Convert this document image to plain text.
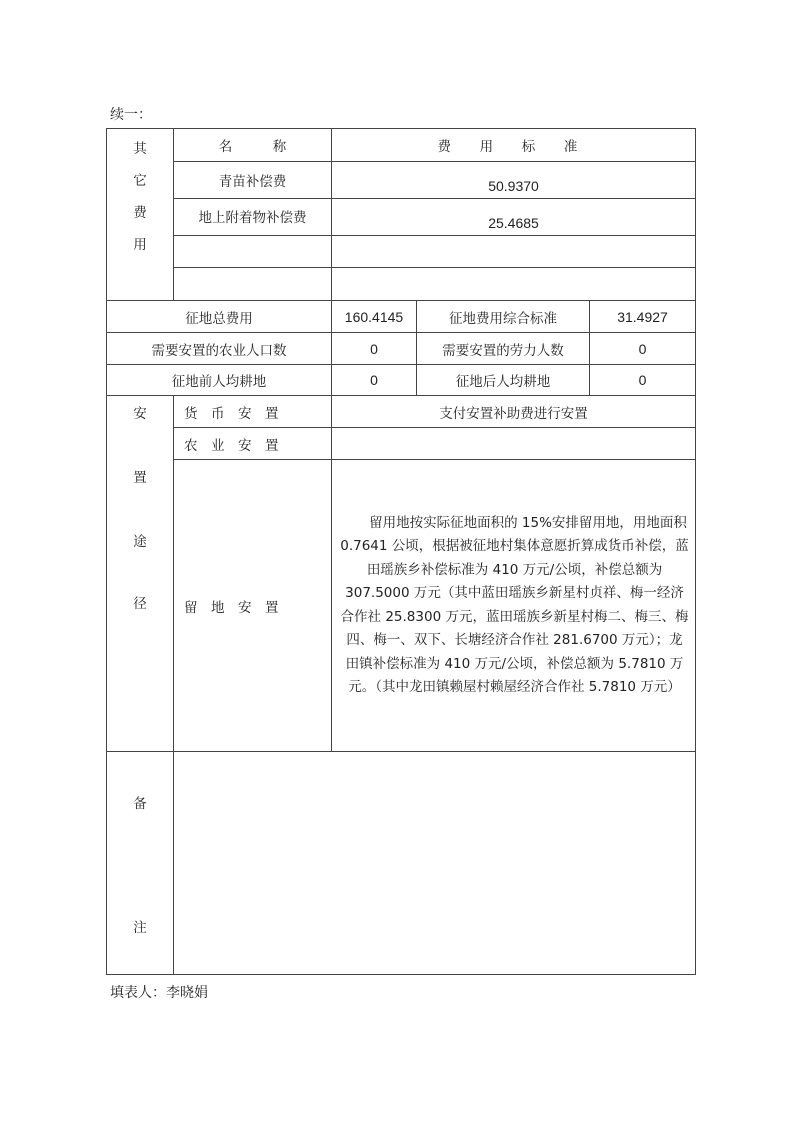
续一：
其
它
费
用	名　　　称	费 用 标 准		
	青苗补偿费	50.9370		
	地上附着物补偿费	25.4685		

征地总费用		160.4145	征地费用综合标准	31.4927
需要安置的农业人口数		0	需要安置的劳力人数	0
征地前人均耕地		0	征地后人均耕地	0

安
置
途
径	货　币　安　置	支付安置补助费进行安置		
	农　业　安　置			
	留　地　安　置	留用地按实际征地面积的 15%安排留用地，用地面积 0.7641 公顷，根据被征地村集体意愿折算成货币补偿，蓝田瑶族乡补偿标准为 410 万元/公顷，补偿总额为 307.5000 万元（其中蓝田瑶族乡新星村贞祥、梅一经济合作社 25.8300 万元，蓝田瑶族乡新星村梅二、梅三、梅四、梅一、双下、长塘经济合作社 281.6700 万元）；龙田镇补偿标准为 410 万元/公顷，补偿总额为 5.7810 万元。（其中龙田镇赖屋村赖屋经济合作社 5.7810 万元）		

备
注				

填表人：李晓娟
